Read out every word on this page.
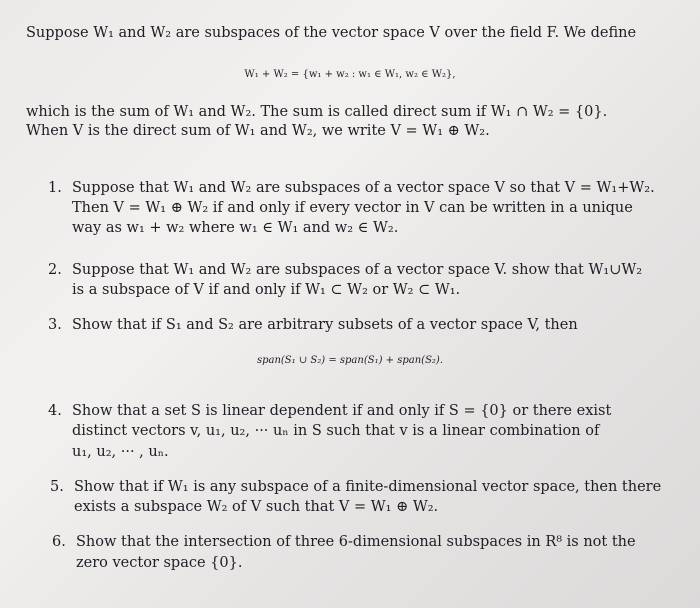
Suppose W₁ and W₂ are subspaces of the vector space V over the field F. We define
W₁ + W₂ = {w₁ + w₂ : w₁ ∈ W₁, w₂ ∈ W₂},
which is the sum of W₁ and W₂. The sum is called direct sum if W₁ ∩ W₂ = {0}.
When V is the direct sum of W₁ and W₂, we write V = W₁ ⊕ W₂.
1. Suppose that W₁ and W₂ are subspaces of a vector space V so that V = W₁+W₂.
Then V = W₁ ⊕ W₂ if and only if every vector in V can be written in a unique
way as w₁ + w₂ where w₁ ∈ W₁ and w₂ ∈ W₂.
2. Suppose that W₁ and W₂ are subspaces of a vector space V. show that W₁∪W₂
is a subspace of V if and only if W₁ ⊂ W₂ or W₂ ⊂ W₁.
3. Show that if S₁ and S₂ are arbitrary subsets of a vector space V, then
span(S₁ ∪ S₂) = span(S₁) + span(S₂).
4. Show that a set S is linear dependent if and only if S = {0} or there exist
distinct vectors v, u₁, u₂, ··· uₙ in S such that v is a linear combination of
u₁, u₂, ··· , uₙ.
5. Show that if W₁ is any subspace of a finite-dimensional vector space, then there
exists a subspace W₂ of V such that V = W₁ ⊕ W₂.
6. Show that the intersection of three 6-dimensional subspaces in R⁸ is not the
zero vector space {0}.
